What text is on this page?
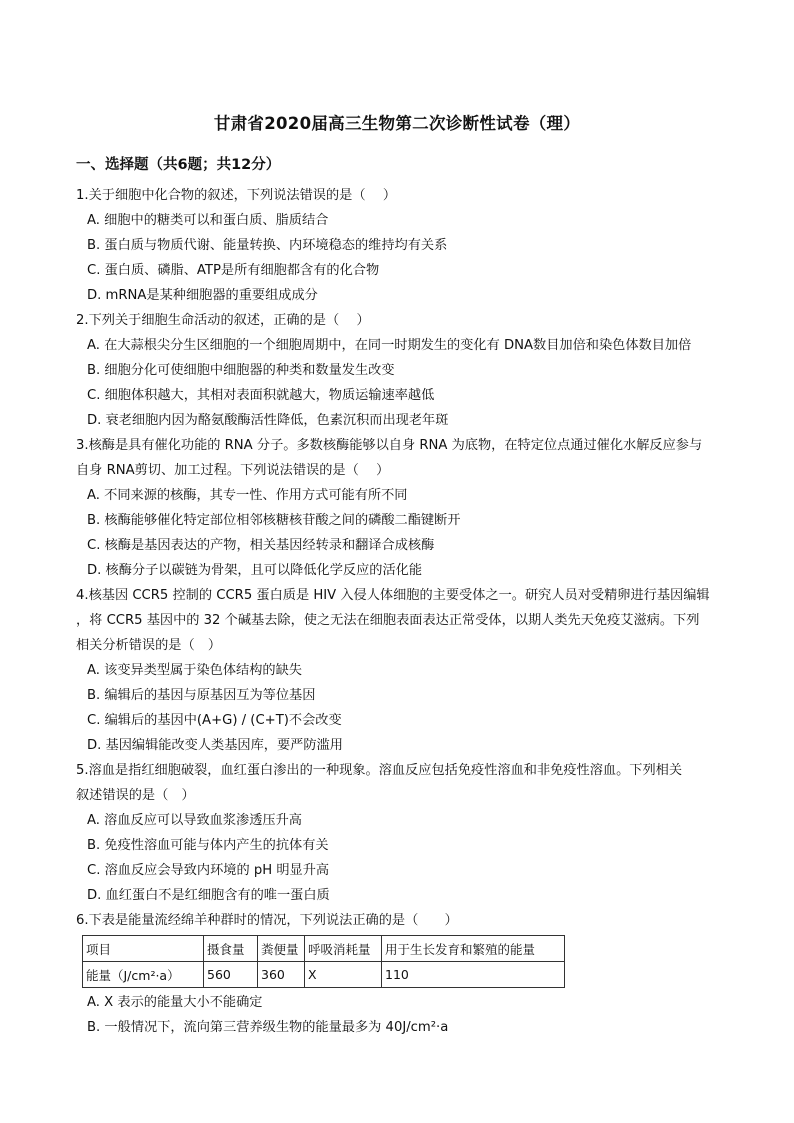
甘肃省2020届高三生物第二次诊断性试卷（理）
一、选择题（共6题；共12分）
1.关于细胞中化合物的叙述，下列说法错误的是（　 ）
A. 细胞中的糖类可以和蛋白质、脂质结合
B. 蛋白质与物质代谢、能量转换、内环境稳态的维持均有关系
C. 蛋白质、磷脂、ATP是所有细胞都含有的化合物
D. mRNA是某种细胞器的重要组成成分
2.下列关于细胞生命活动的叙述，正确的是（　 ）
A. 在大蒜根尖分生区细胞的一个细胞周期中，在同一时期发生的变化有 DNA数目加倍和染色体数目加倍
B. 细胞分化可使细胞中细胞器的种类和数量发生改变
C. 细胞体积越大，其相对表面积就越大，物质运输速率越低
D. 衰老细胞内因为酪氨酸酶活性降低，色素沉积而出现老年斑
3.核酶是具有催化功能的 RNA 分子。多数核酶能够以自身 RNA 为底物，在特定位点通过催化水解反应参与
自身 RNA剪切、加工过程。下列说法错误的是（　 ）
A. 不同来源的核酶，其专一性、作用方式可能有所不同
B. 核酶能够催化特定部位相邻核糖核苷酸之间的磷酸二酯键断开
C. 核酶是基因表达的产物，相关基因经转录和翻译合成核酶
D. 核酶分子以碳链为骨架，且可以降低化学反应的活化能
4.核基因 CCR5 控制的 CCR5 蛋白质是 HIV 入侵人体细胞的主要受体之一。研究人员对受精卵进行基因编辑
，将 CCR5 基因中的 32 个碱基去除，使之无法在细胞表面表达正常受体，以期人类先天免疫艾滋病。下列
相关分析错误的是（　）
A. 该变异类型属于染色体结构的缺失
B. 编辑后的基因与原基因互为等位基因
C. 编辑后的基因中(A+G) / (C+T)不会改变
D. 基因编辑能改变人类基因库，要严防滥用
5.溶血是指红细胞破裂，血红蛋白渗出的一种现象。溶血反应包括免疫性溶血和非免疫性溶血。下列相关
叙述错误的是（　）
A. 溶血反应可以导致血浆渗透压升高
B. 免疫性溶血可能与体内产生的抗体有关
C. 溶血反应会导致内环境的 pH 明显升高
D. 血红蛋白不是红细胞含有的唯一蛋白质
6.下表是能量流经绵羊种群时的情况，下列说法正确的是（　　）
项目	摄食量	粪便量	呼吸消耗量	用于生长发育和繁殖的能量
能量（J/cm²·a）	560	360	X	110
A. X 表示的能量大小不能确定
B. 一般情况下，流向第三营养级生物的能量最多为 40J/cm²·a
